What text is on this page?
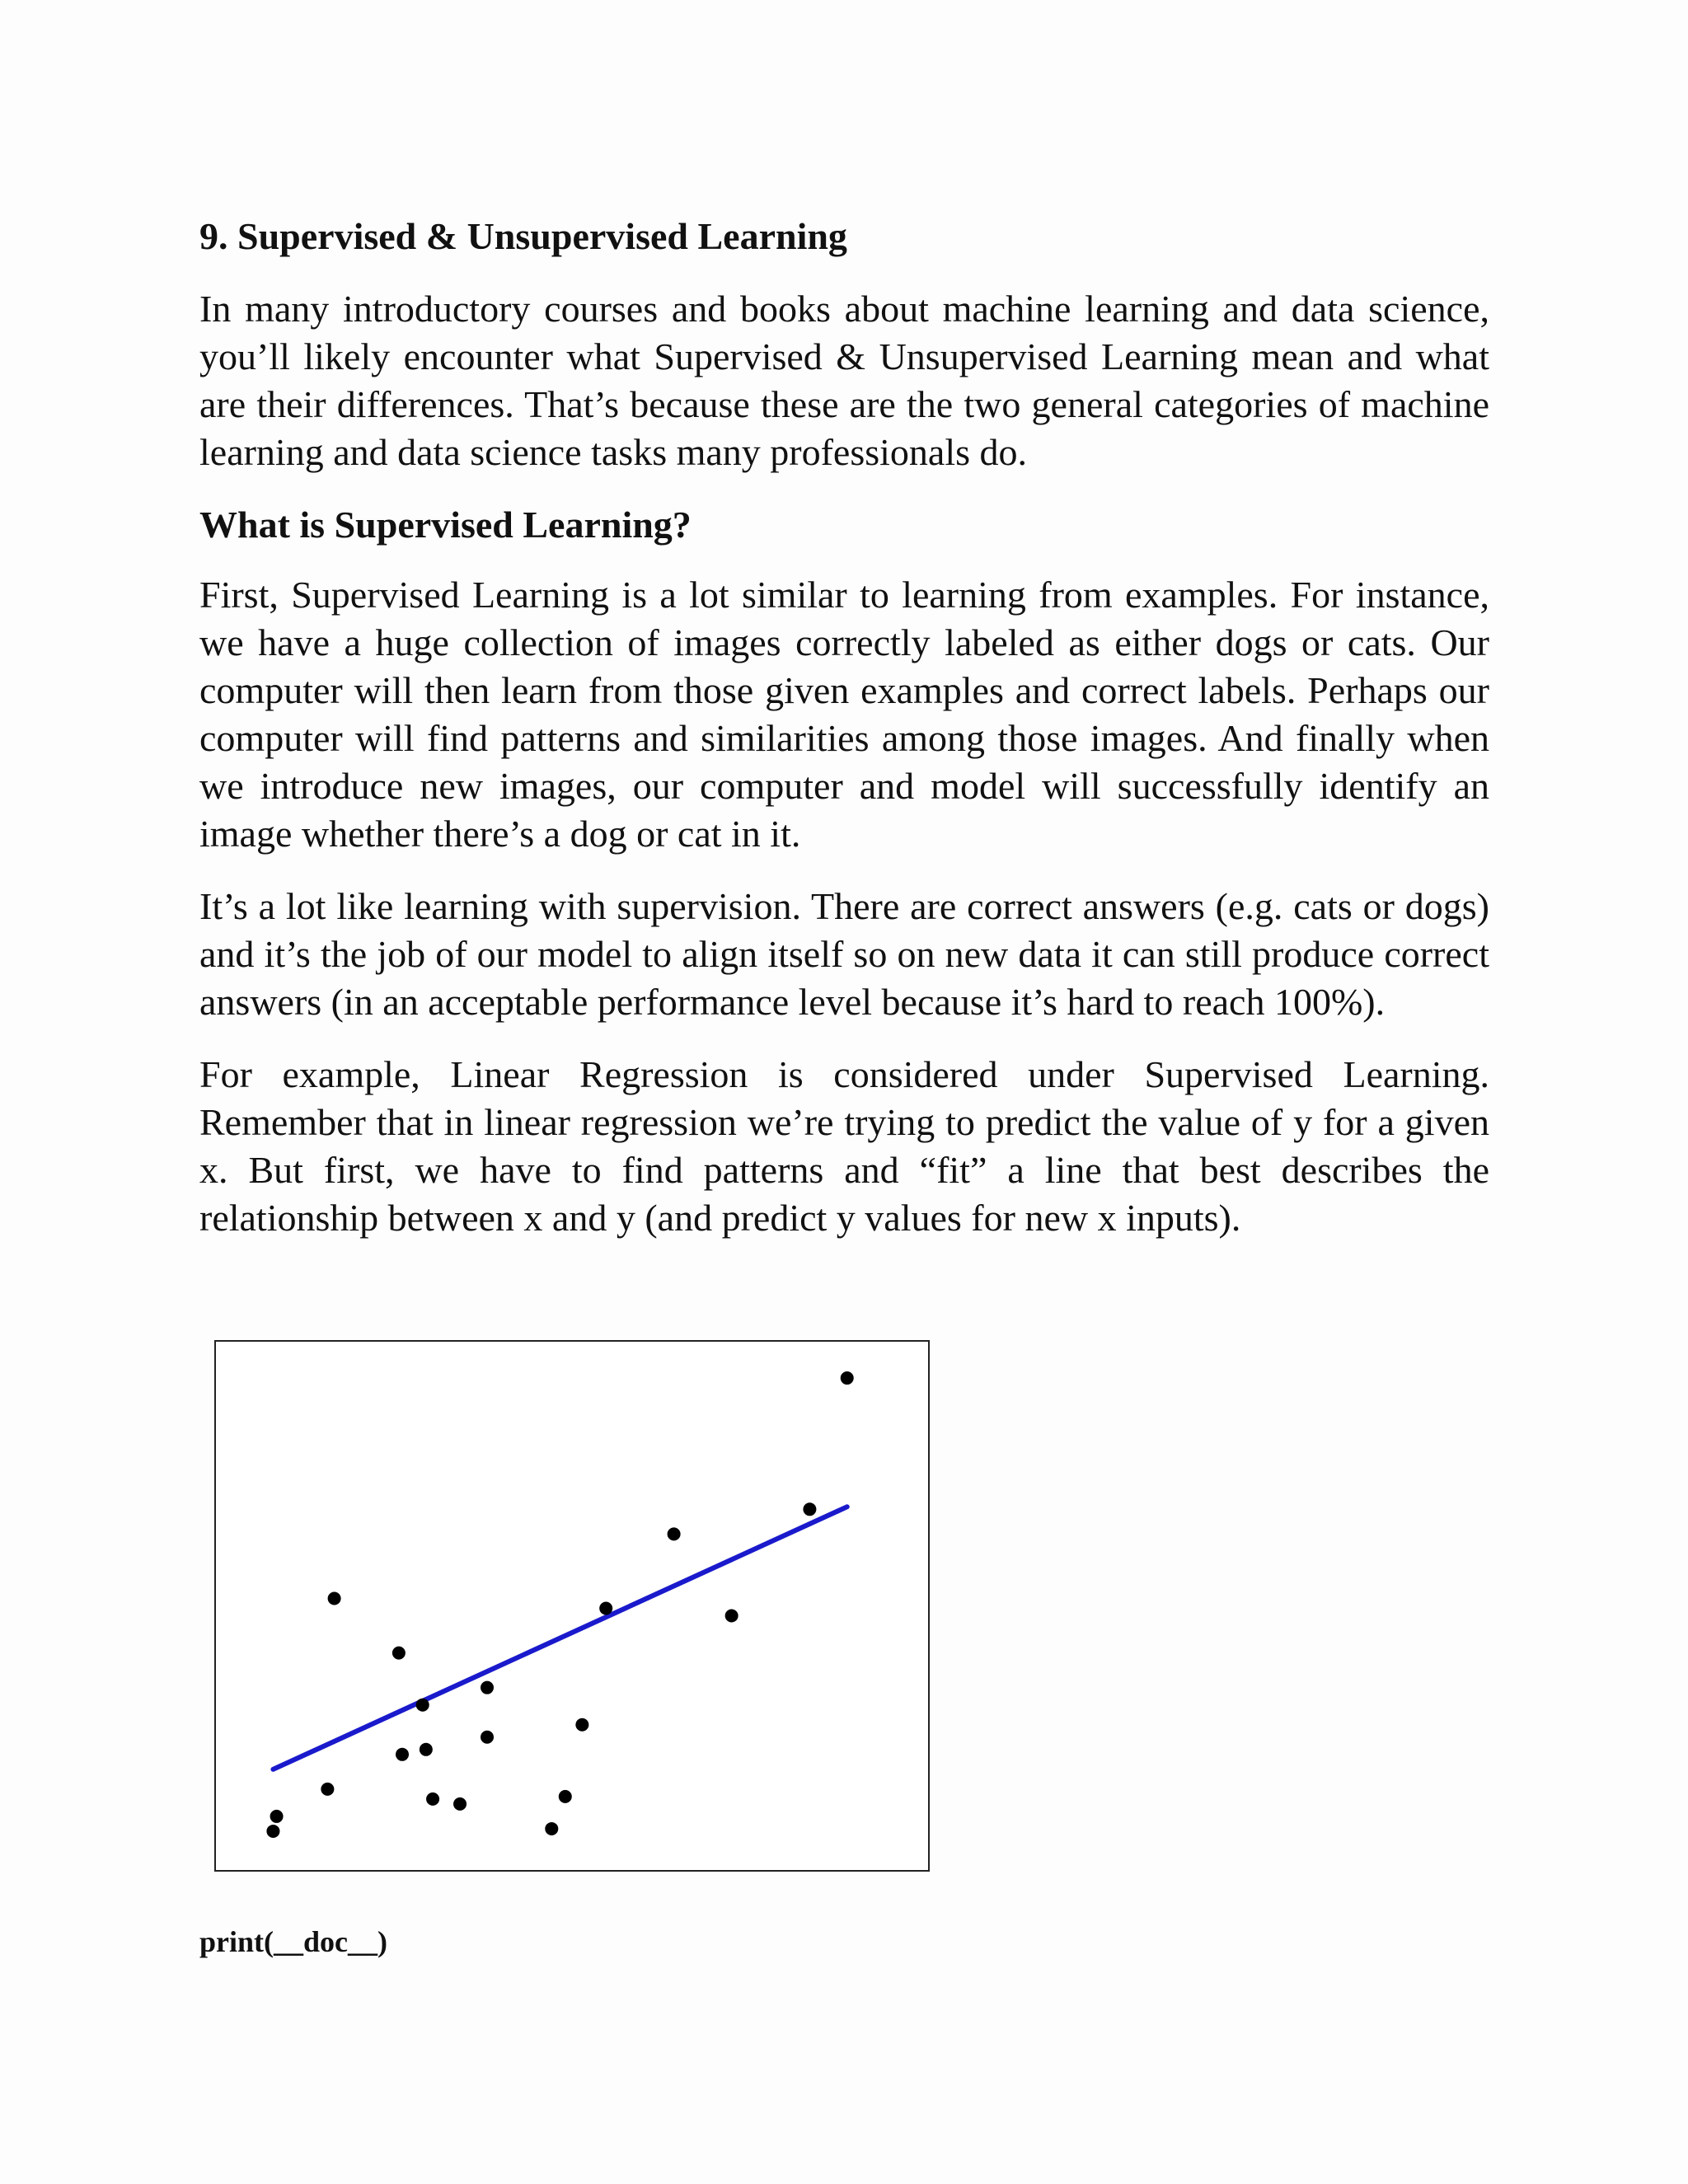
9. Supervised & Unsupervised Learning

In many introductory courses and books about machine learning and data science, you’ll likely encounter what Supervised & Unsupervised Learning mean and what are their differences. That’s because these are the two general categories of machine learning and data science tasks many professionals do.

What is Supervised Learning?

First, Supervised Learning is a lot similar to learning from examples. For instance, we have a huge collection of images correctly labeled as either dogs or cats. Our computer will then learn from those given examples and correct labels. Perhaps our computer will find patterns and similarities among those images. And finally when we introduce new images, our computer and model will successfully identify an image whether there’s a dog or cat in it.

It’s a lot like learning with supervision. There are correct answers (e.g. cats or dogs) and it’s the job of our model to align itself so on new data it can still produce correct answers (in an acceptable performance level because it’s hard to reach 100%).

For example, Linear Regression is considered under Supervised Learning. Remember that in linear regression we’re trying to predict the value of y for a given x. But first, we have to find patterns and “fit” a line that best describes the relationship between x and y (and predict y values for new x inputs).

print(__doc__)
